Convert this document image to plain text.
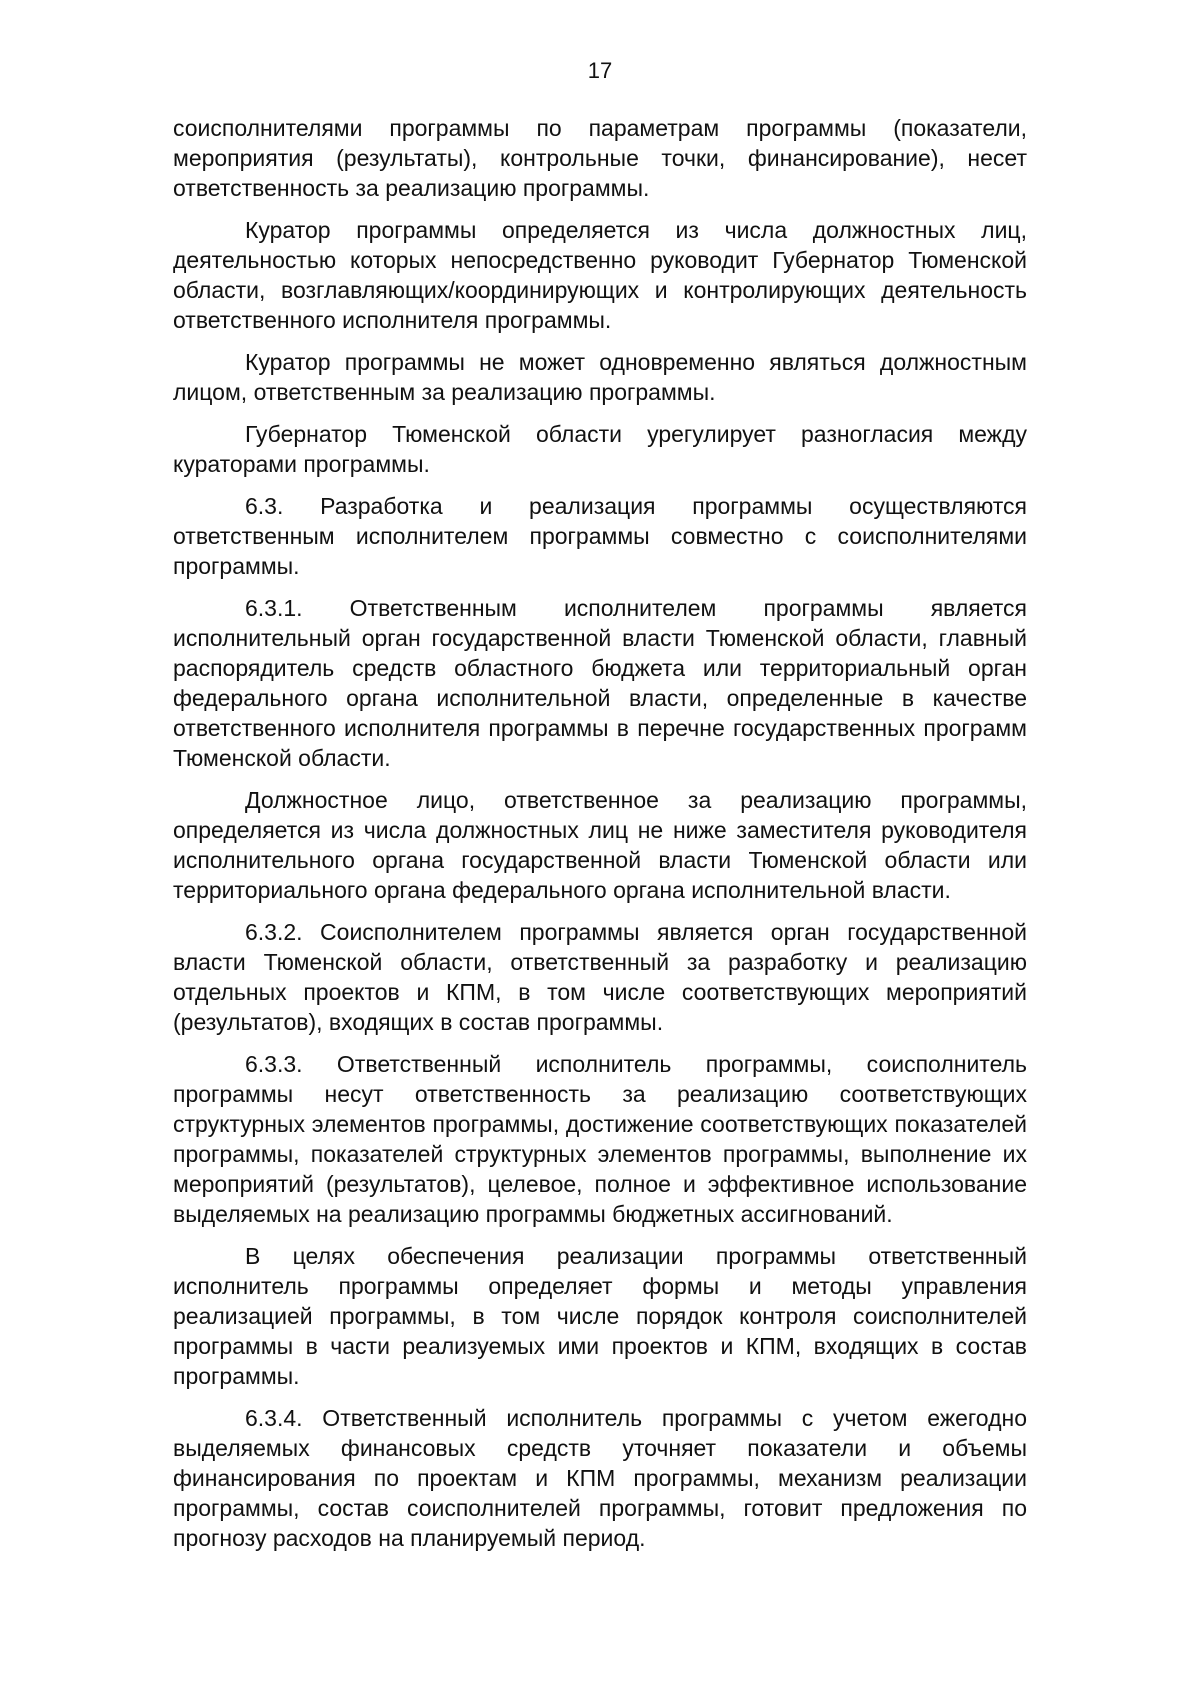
17

соисполнителями программы по параметрам программы (показатели, мероприятия (результаты), контрольные точки, финансирование), несет ответственность за реализацию программы.

Куратор программы определяется из числа должностных лиц, деятельностью которых непосредственно руководит Губернатор Тюменской области, возглавляющих/координирующих и контролирующих деятельность ответственного исполнителя программы.

Куратор программы не может одновременно являться должностным лицом, ответственным за реализацию программы.

Губернатор Тюменской области урегулирует разногласия между кураторами программы.

6.3. Разработка и реализация программы осуществляются ответственным исполнителем программы совместно с соисполнителями программы.

6.3.1. Ответственным исполнителем программы является исполнительный орган государственной власти Тюменской области, главный распорядитель средств областного бюджета или территориальный орган федерального органа исполнительной власти, определенные в качестве ответственного исполнителя программы в перечне государственных программ Тюменской области.

Должностное лицо, ответственное за реализацию программы, определяется из числа должностных лиц не ниже заместителя руководителя исполнительного органа государственной власти Тюменской области или территориального органа федерального органа исполнительной власти.

6.3.2. Соисполнителем программы является орган государственной власти Тюменской области, ответственный за разработку и реализацию отдельных проектов и КПМ, в том числе соответствующих мероприятий (результатов), входящих в состав программы.

6.3.3. Ответственный исполнитель программы, соисполнитель программы несут ответственность за реализацию соответствующих структурных элементов программы, достижение соответствующих показателей программы, показателей структурных элементов программы, выполнение их мероприятий (результатов), целевое, полное и эффективное использование выделяемых на реализацию программы бюджетных ассигнований.

В целях обеспечения реализации программы ответственный исполнитель программы определяет формы и методы управления реализацией программы, в том числе порядок контроля соисполнителей программы в части реализуемых ими проектов и КПМ, входящих в состав программы.

6.3.4. Ответственный исполнитель программы с учетом ежегодно выделяемых финансовых средств уточняет показатели и объемы финансирования по проектам и КПМ программы, механизм реализации программы, состав соисполнителей программы, готовит предложения по прогнозу расходов на планируемый период.
